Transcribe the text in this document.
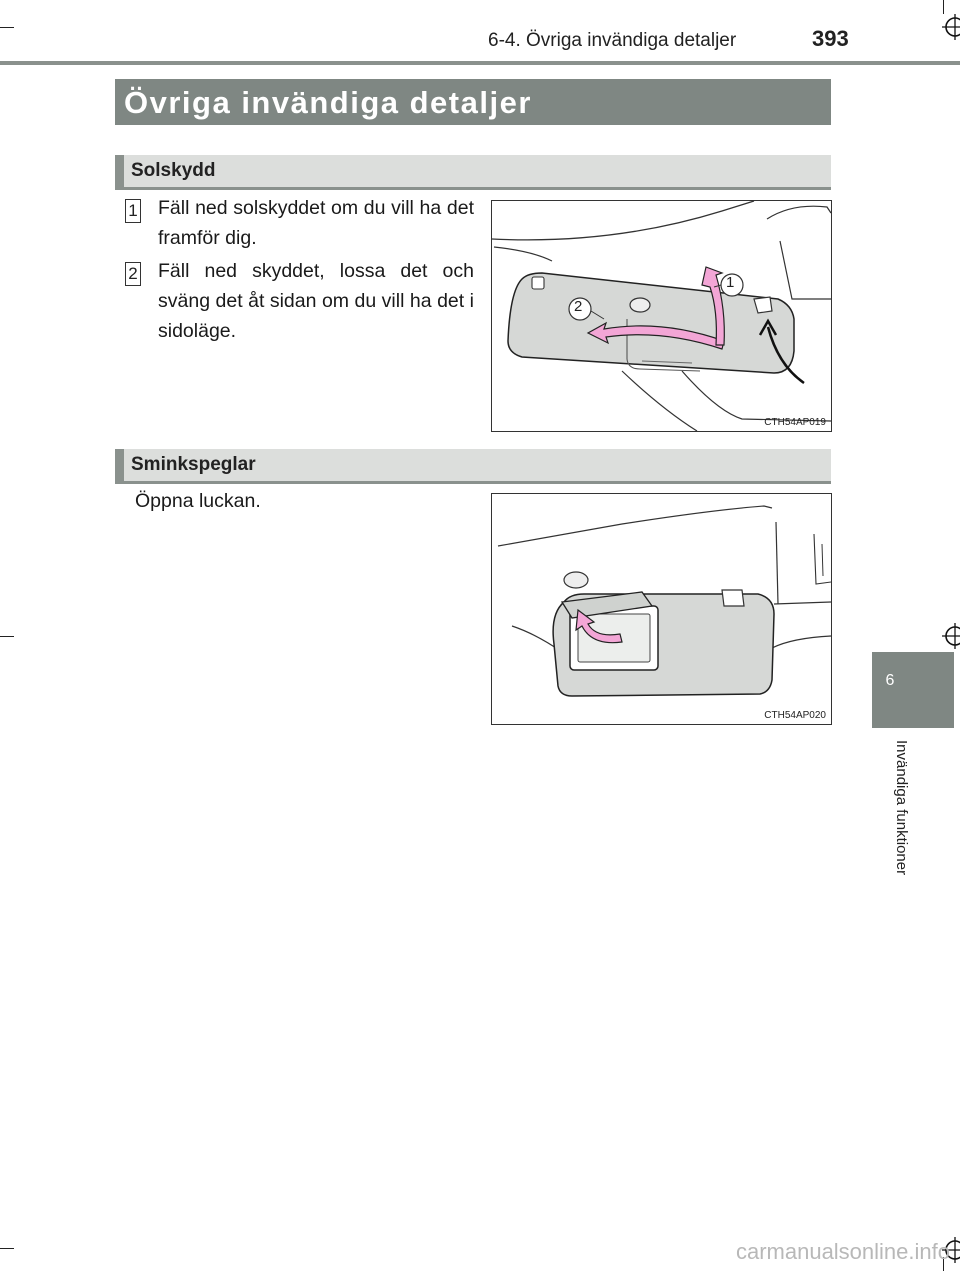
6-4. Övriga invändiga detaljer	393
Övriga invändiga detaljer
Solskydd
1 Fäll ned solskyddet om du vill ha det framför dig.
2 Fäll ned skyddet, lossa det och sväng det åt sidan om du vill ha det i sidoläge.
1
2
CTH54AP019
Sminkspeglar
Öppna luckan.
CTH54AP020
6
Invändiga funktioner
carmanualsonline.info
